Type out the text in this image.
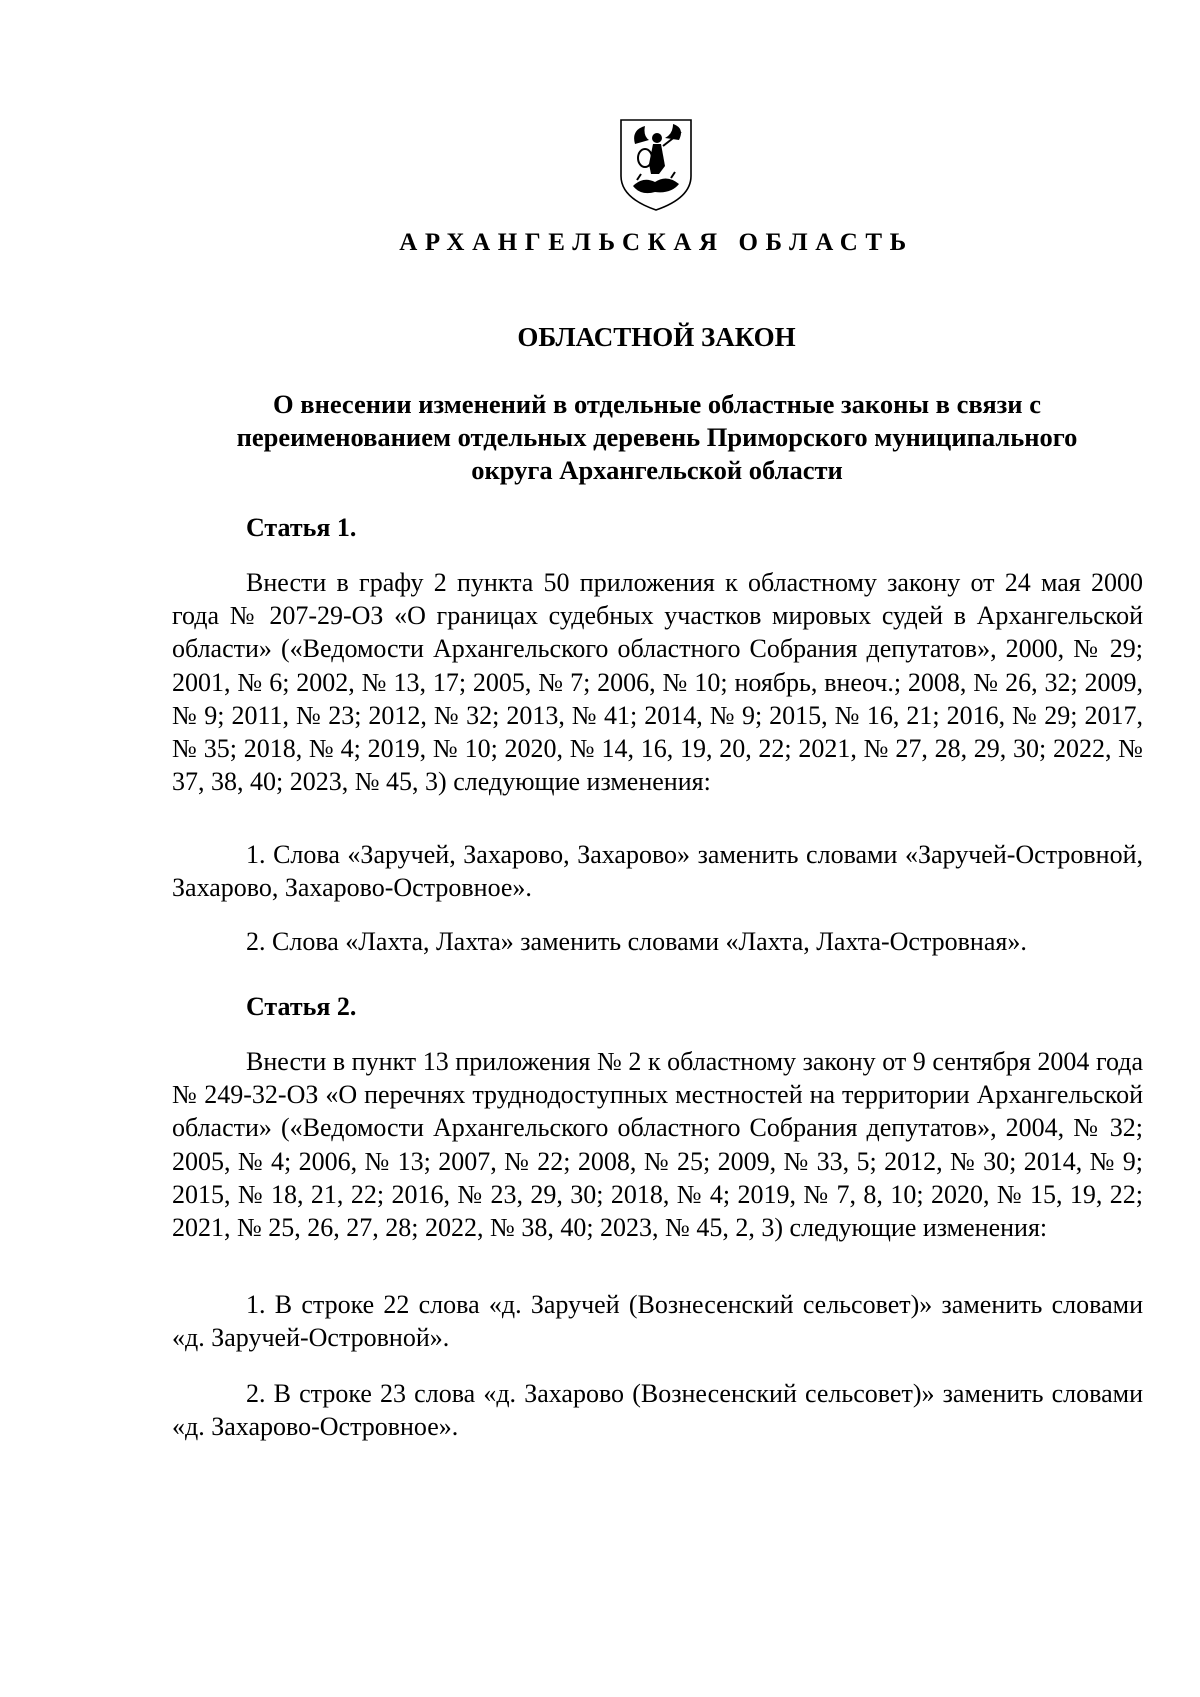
АРХАНГЕЛЬСКАЯ ОБЛАСТЬ
ОБЛАСТНОЙ ЗАКОН
О внесении изменений в отдельные областные законы в связи с переименованием отдельных деревень Приморского муниципального округа Архангельской области
Статья 1.

Внести в графу 2 пункта 50 приложения к областному закону от 24 мая 2000 года № 207-29-ОЗ «О границах судебных участков мировых судей в Архангельской области» («Ведомости Архангельского областного Собрания депутатов», 2000, № 29; 2001, № 6; 2002, № 13, 17; 2005, № 7; 2006, № 10; ноябрь, внеоч.; 2008, № 26, 32; 2009, № 9; 2011, № 23; 2012, № 32; 2013, № 41; 2014, № 9; 2015, № 16, 21; 2016, № 29; 2017, № 35; 2018, № 4; 2019, № 10; 2020, № 14, 16, 19, 20, 22; 2021, № 27, 28, 29, 30; 2022, № 37, 38, 40; 2023, № 45, 3) следующие изменения:

1. Слова «Заручей, Захарово, Захарово» заменить словами «Заручей-Островной, Захарово, Захарово-Островное».

2. Слова «Лахта, Лахта» заменить словами «Лахта, Лахта-Островная».

Статья 2.

Внести в пункт 13 приложения № 2 к областному закону от 9 сентября 2004 года № 249-32-ОЗ «О перечнях труднодоступных местностей на территории Архангельской области» («Ведомости Архангельского областного Собрания депутатов», 2004, № 32; 2005, № 4; 2006, № 13; 2007, № 22; 2008, № 25; 2009, № 33, 5; 2012, № 30; 2014, № 9; 2015, № 18, 21, 22; 2016, № 23, 29, 30; 2018, № 4; 2019, № 7, 8, 10; 2020, № 15, 19, 22; 2021, № 25, 26, 27, 28; 2022, № 38, 40; 2023, № 45, 2, 3) следующие изменения:

1. В строке 22 слова «д. Заручей (Вознесенский сельсовет)» заменить словами «д. Заручей-Островной».

2. В строке 23 слова «д. Захарово (Вознесенский сельсовет)» заменить словами «д. Захарово-Островное».
